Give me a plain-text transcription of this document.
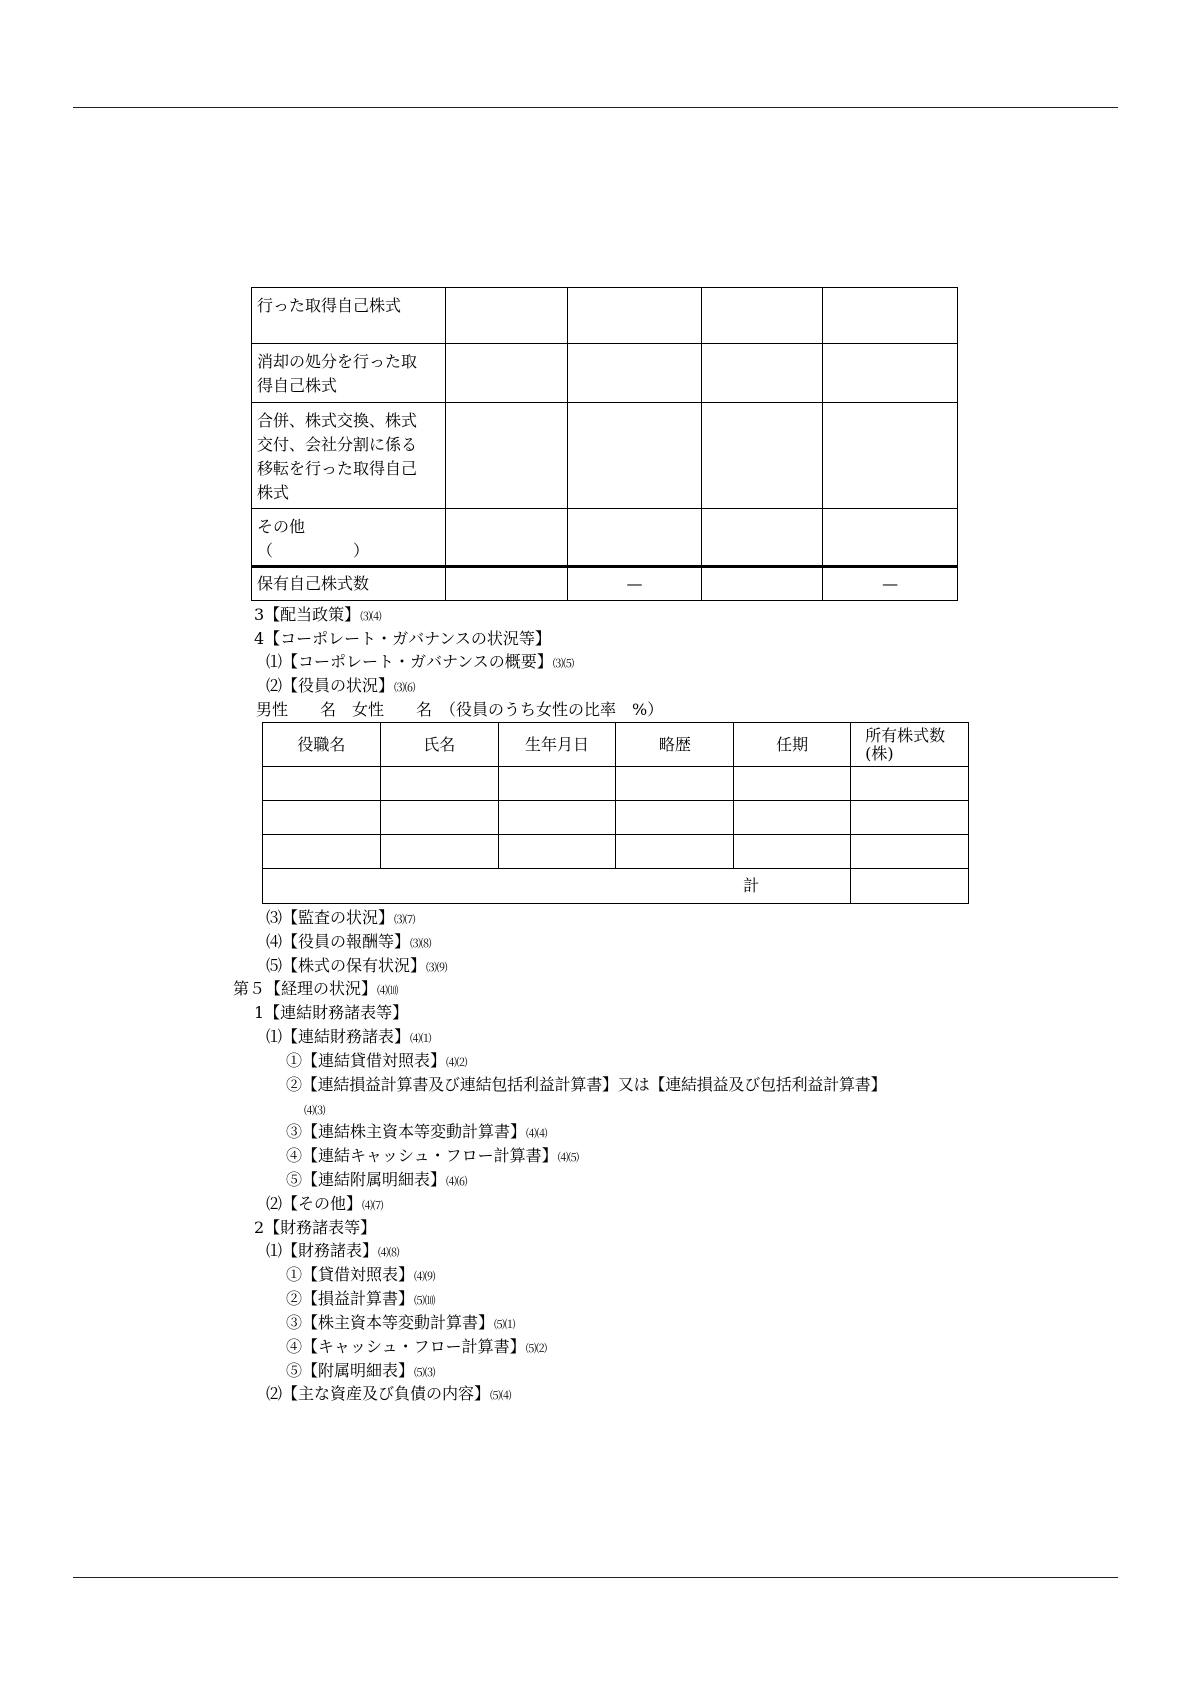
行った取得自己株式				

消却の処分を行った取
得自己株式				

合併、株式交換、株式
交付、会社分割に係る
移転を行った取得自己
株式				

その他
（　　　　　）				

保有自己株式数		—		—
3【配当政策】⑶⑷
4【コーポレート・ガバナンスの状況等】
⑴【コーポレート・ガバナンスの概要】⑶⑸
⑵【役員の状況】⑶⑹
男性　　名　女性　　名　（役員のうち女性の比率　%）
役職名	氏名	生年月日	略歴	任期	所有株式数
(株)

計					
⑶【監査の状況】⑶⑺
⑷【役員の報酬等】⑶⑻
⑸【株式の保有状況】⑶⑼
第５【経理の状況】⑷⑽
1【連結財務諸表等】
⑴【連結財務諸表】⑷⑴
①【連結貸借対照表】⑷⑵
②【連結損益計算書及び連結包括利益計算書】又は【連結損益及び包括利益計算書】
⑷⑶
③【連結株主資本等変動計算書】⑷⑷
④【連結キャッシュ・フロー計算書】⑷⑸
⑤【連結附属明細表】⑷⑹
⑵【その他】⑷⑺
2【財務諸表等】
⑴【財務諸表】⑷⑻
①【貸借対照表】⑷⑼
②【損益計算書】⑸⑽
③【株主資本等変動計算書】⑸⑴
④【キャッシュ・フロー計算書】⑸⑵
⑤【附属明細表】⑸⑶
⑵【主な資産及び負債の内容】⑸⑷
